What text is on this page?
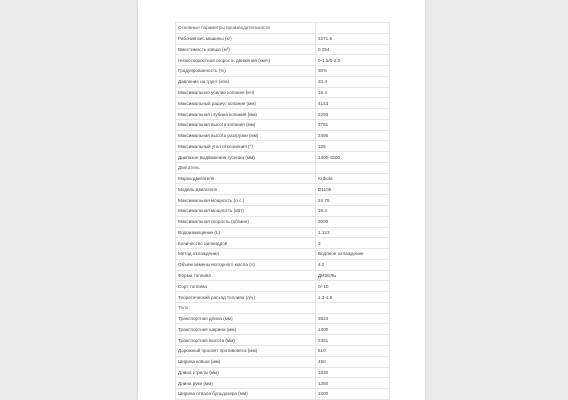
Основные параметры производительности	
Рабочий вес машины (кг)	2371.5
Вместимость ковша (м³)	0.054
Низкоскоростная скорость движения (км/ч)	0-1.5/0-2.0
Градуированность (%)	30%
Давление на грунт (кпа)	33.4
Максимальное усилие копания (кН)	18.4
Максимальный радиус копания (мм)	4143
Максимальная глубина копания (мм)	2293
Максимальная высота копания (мм)	3781
Максимальная высота разгрузки (мм)	2496
Максимальный угол отклонения (°)	125
Диапазон выдвижения гусениц (мм)	1300-1500
Двигатель	
Марка двигателя	Kubota
Модель двигателя	D1105
Максимальная мощность (л.с.)	24.75
Максимальная мощность (кВт)	18.2
Максимальная скорость (об/мин)	3000
Водоизмещение (L)	1.123
Количество цилиндров	3
Метод охлаждения	Водяное охлаждение
Объем замены моторного масла (л)	4.2
Форма топлива	ДИЗЕЛЬ
Сорт топлива	0/-10
Теоретический расход топлива (л/ч)	1.3-1.5
Тело	
Транспортная длина (мм)	2824
Транспортная ширина (мм)	1300
Транспортная высота (мм)	2361
Дорожный просвет противовеса (мм)	510
Ширина ковша (мм)	450
Длина стрелы (мм)	1830
Длина руки (мм)	1250
Ширина отвала бульдозера (мм)	1500
